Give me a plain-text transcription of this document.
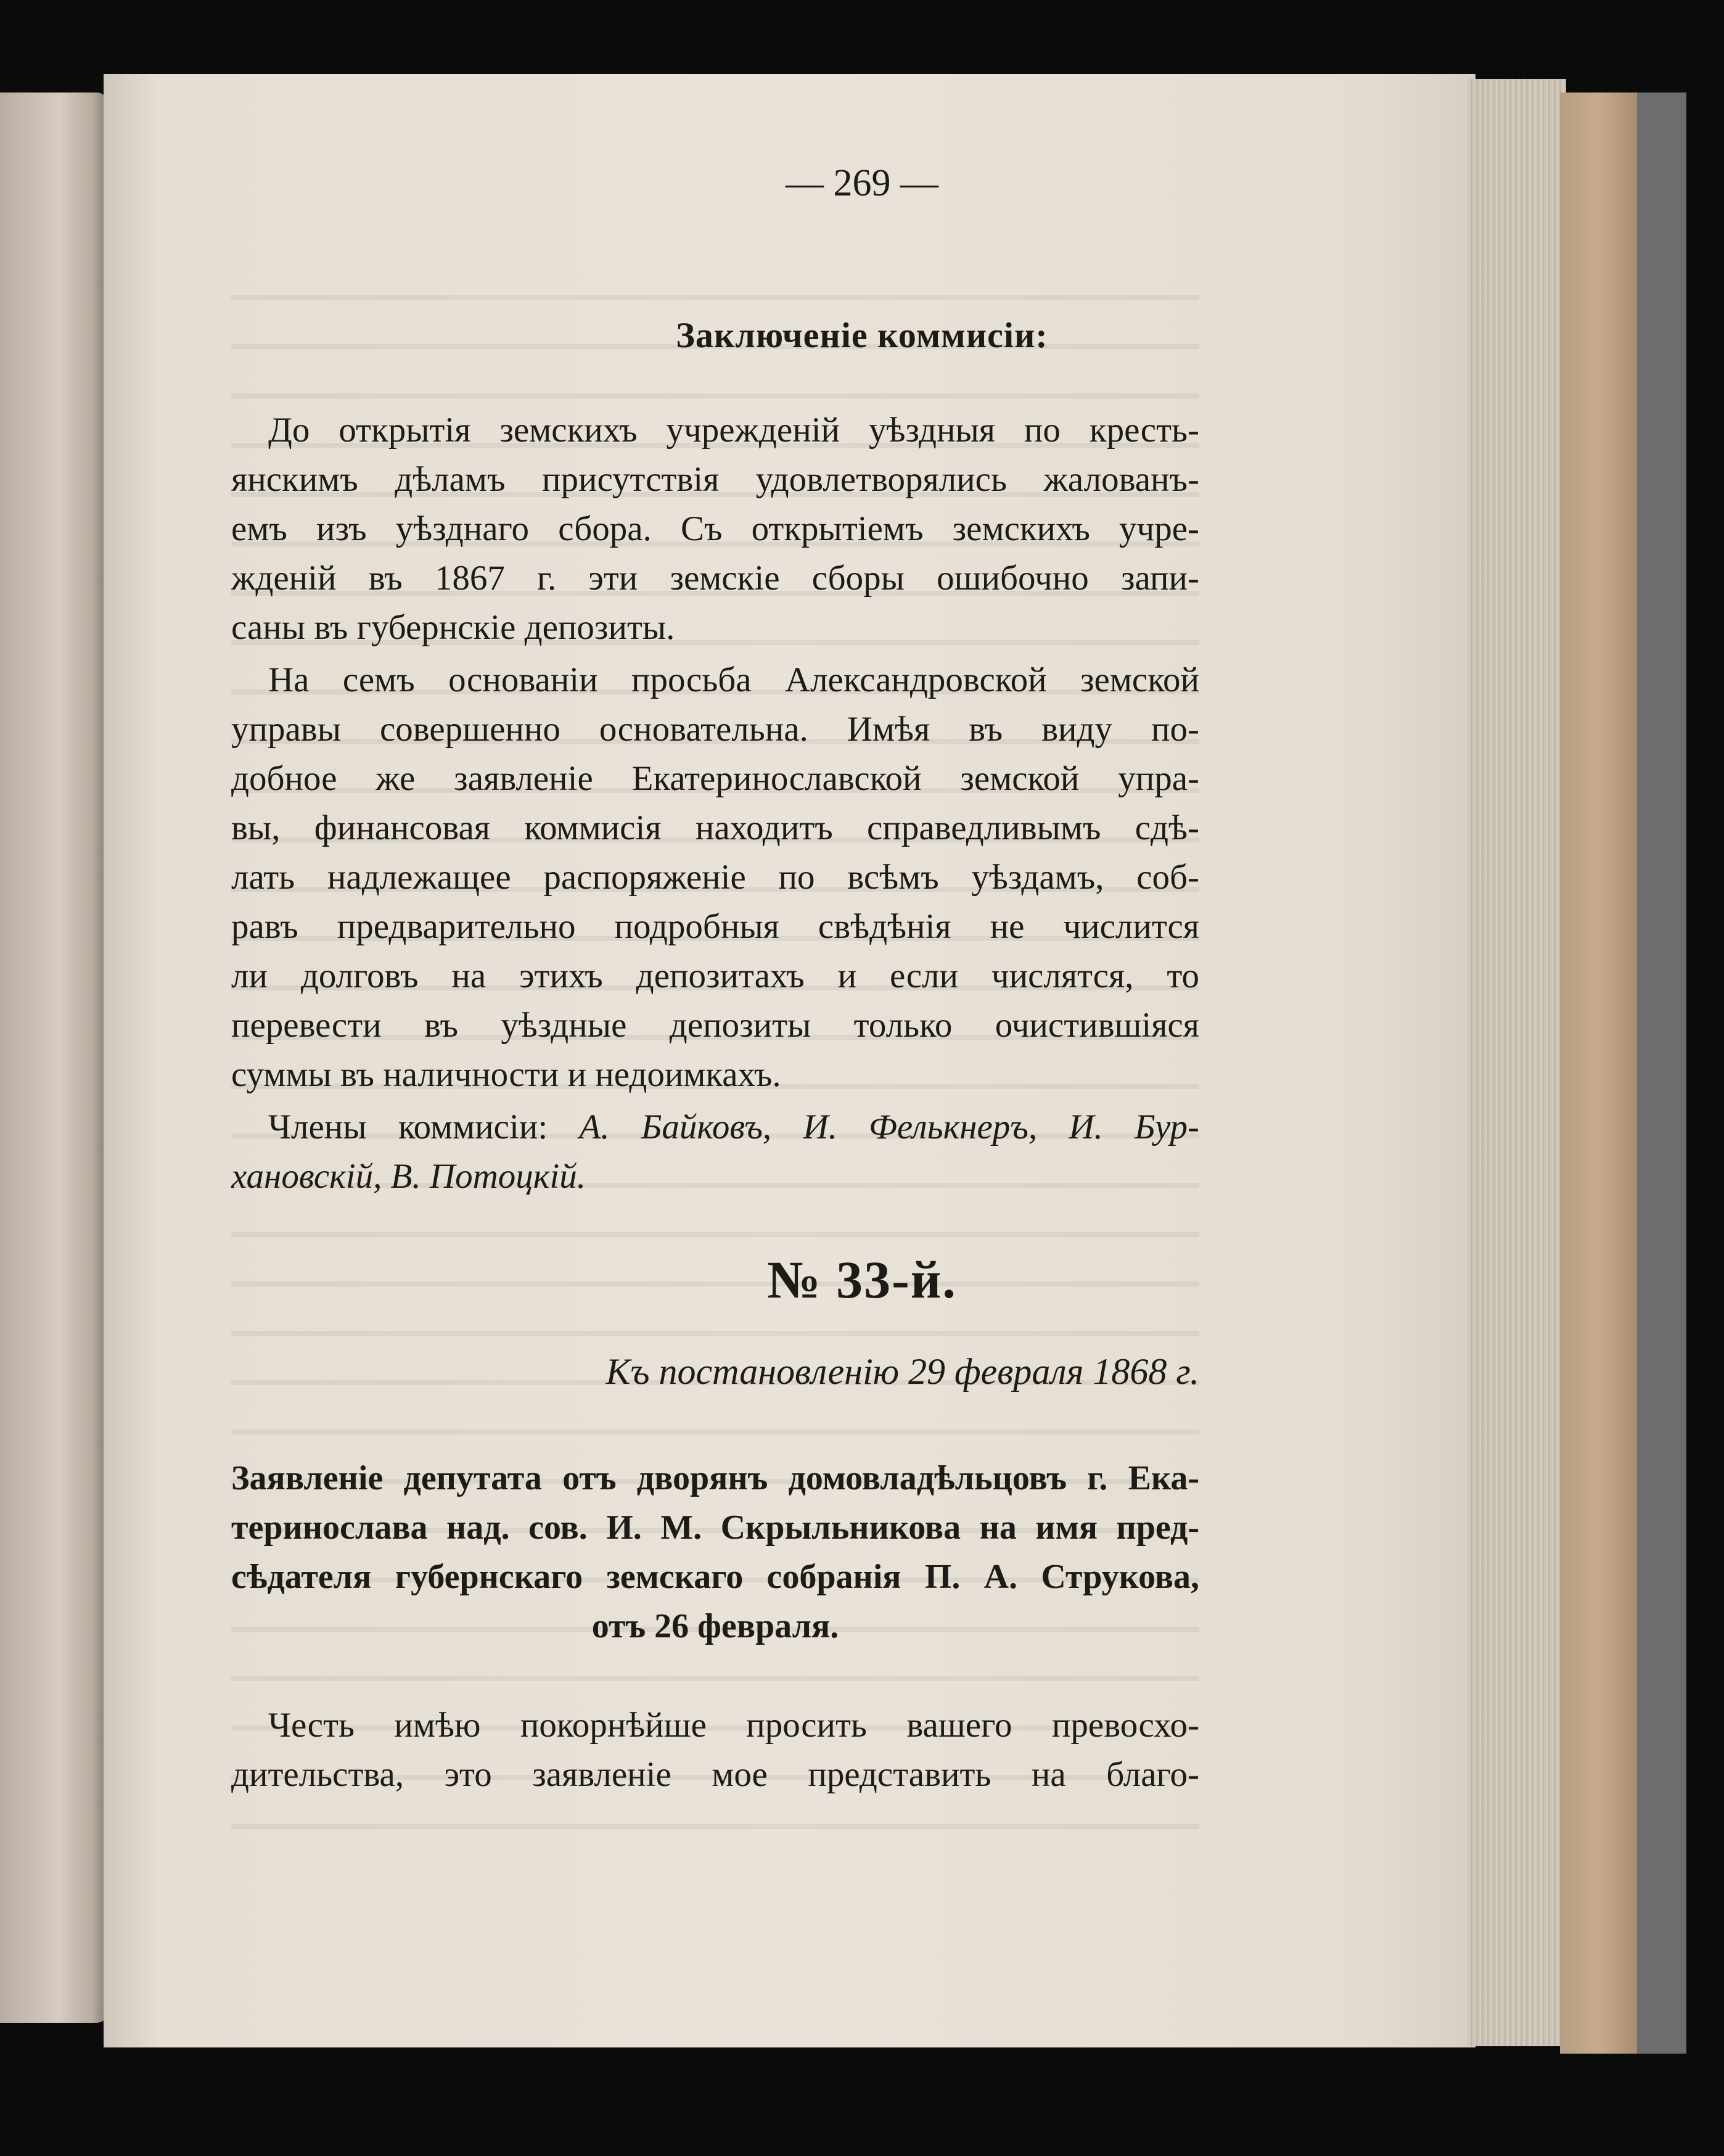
— 269 —
Заключеніе коммисіи:
До открытія земскихъ учрежденій уѣздныя по кресть-
янскимъ дѣламъ присутствія удовлетворялись жалованъ-
емъ изъ уѣзднаго сбора. Съ открытіемъ земскихъ учре-
жденій въ 1867 г. эти земскіе сборы ошибочно запи-
саны въ губернскіе депозиты.
На семъ основаніи просьба Александровской земской
управы совершенно основательна. Имѣя въ виду по-
добное же заявленіе Екатеринославской земской упра-
вы, финансовая коммисія находитъ справедливымъ сдѣ-
лать надлежащее распоряженіе по всѣмъ уѣздамъ, соб-
равъ предварительно подробныя свѣдѣнія не числится
ли долговъ на этихъ депозитахъ и если числятся, то
перевести въ уѣздные депозиты только очистившіяся
суммы въ наличности и недоимкахъ.
Члены коммисіи: А. Байковъ, И. Фелькнеръ, И. Бур-
хановскій, В. Потоцкій.
№ 33-й.
Къ постановленію 29 февраля 1868 г.
Заявленіе депутата отъ дворянъ домовладѣльцовъ г. Ека-
теринослава над. сов. И. М. Скрыльникова на имя пред-
сѣдателя губернскаго земскаго собранія П. А. Струкова,
отъ 26 февраля.
Честь имѣю покорнѣйше просить вашего превосхо-
дительства, это заявленіе мое представить на благо-
